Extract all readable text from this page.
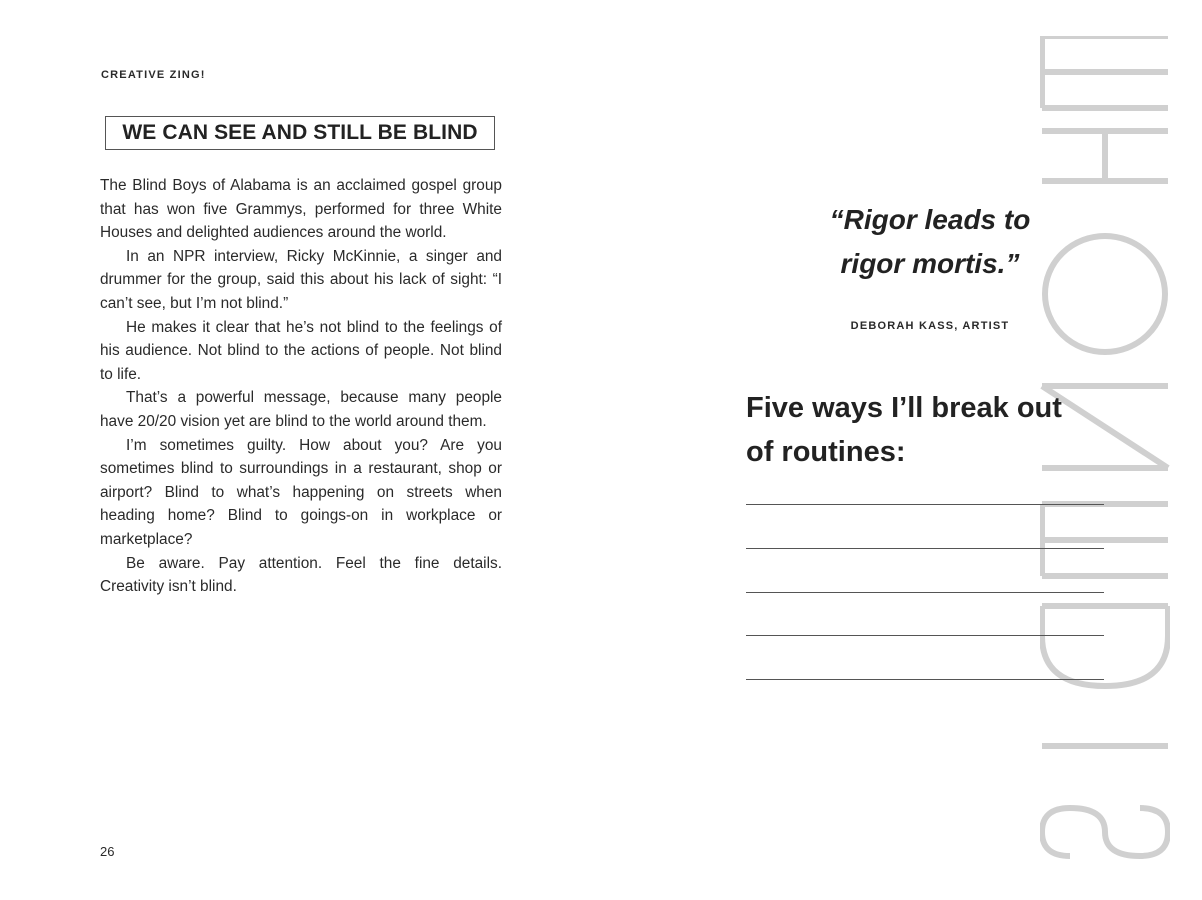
CREATIVE ZING!
WE CAN SEE AND STILL BE BLIND

The Blind Boys of Alabama is an acclaimed gospel group that has won five Grammys, performed for three White Houses and delighted audiences around the world.

In an NPR interview, Ricky McKinnie, a singer and drummer for the group, said this about his lack of sight: “I can’t see, but I’m not blind.”

He makes it clear that he’s not blind to the feelings of his audience. Not blind to the actions of people. Not blind to life.

That’s a powerful message, because many people have 20/20 vision yet are blind to the world around them.

I’m sometimes guilty. How about you? Are you sometimes blind to surroundings in a restaurant, shop or airport? Blind to what’s happening on streets when heading home? Blind to goings-on in workplace or marketplace?

Be aware. Pay attention. Feel the fine details. Creativity isn’t blind.

26
“Rigor leads to
rigor mortis.”
DEBORAH KASS, ARTIST
Five ways I’ll break out
of routines:
